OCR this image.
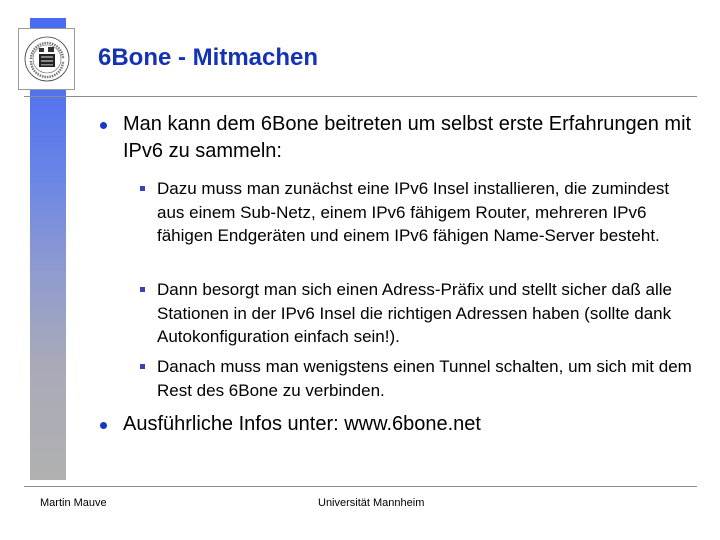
6Bone - Mitmachen
Man kann dem 6Bone beitreten um selbst erste Erfahrungen mit IPv6 zu sammeln:
Dazu muss man zunächst eine IPv6 Insel installieren, die zumindest aus einem Sub-Netz, einem IPv6 fähigem Router, mehreren IPv6 fähigen Endgeräten und einem IPv6 fähigen Name-Server besteht.
Dann besorgt man sich einen Adress-Präfix und stellt sicher daß alle Stationen in der IPv6 Insel die richtigen Adressen haben (sollte dank Autokonfiguration einfach sein!).
Danach muss man wenigstens einen Tunnel schalten, um sich mit dem Rest des 6Bone zu verbinden.
Ausführliche Infos unter: www.6bone.net
Martin Mauve	Universität Mannheim
